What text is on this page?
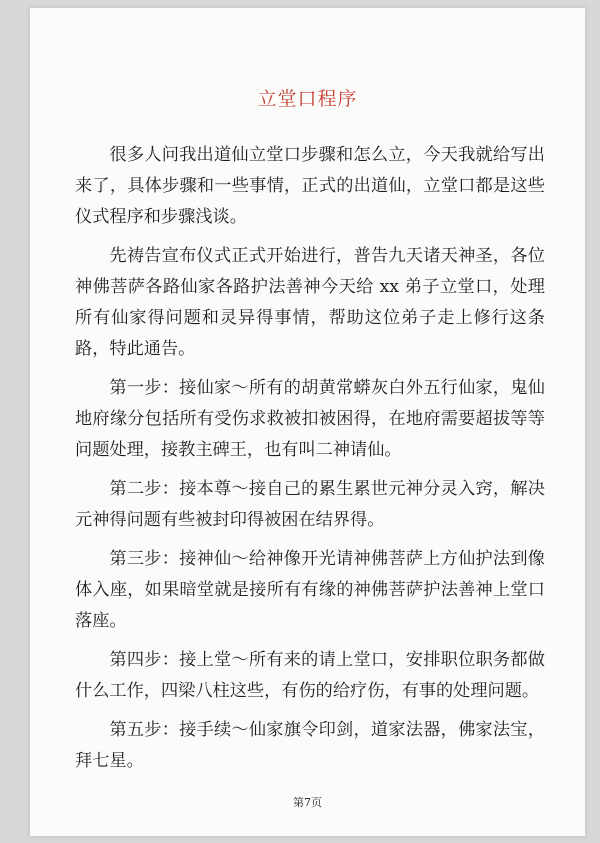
立堂口程序

很多人问我出道仙立堂口步骤和怎么立，今天我就给写出来了，具体步骤和一些事情，正式的出道仙，立堂口都是这些仪式程序和步骤浅谈。

先祷告宣布仪式正式开始进行，普告九天诸天神圣，各位神佛菩萨各路仙家各路护法善神今天给 xx 弟子立堂口，处理所有仙家得问题和灵异得事情，帮助这位弟子走上修行这条路，特此通告。

第一步：接仙家～所有的胡黄常蟒灰白外五行仙家，鬼仙地府缘分包括所有受伤求救被扣被困得，在地府需要超拔等等问题处理，接教主碑王，也有叫二神请仙。

第二步：接本尊～接自己的累生累世元神分灵入窍，解决元神得问题有些被封印得被困在结界得。

第三步：接神仙～给神像开光请神佛菩萨上方仙护法到像体入座，如果暗堂就是接所有有缘的神佛菩萨护法善神上堂口落座。

第四步：接上堂～所有来的请上堂口，安排职位职务都做什么工作，四梁八柱这些，有伤的给疗伤，有事的处理问题。

第五步：接手续～仙家旗令印剑，道家法器，佛家法宝，拜七星。

第7页
